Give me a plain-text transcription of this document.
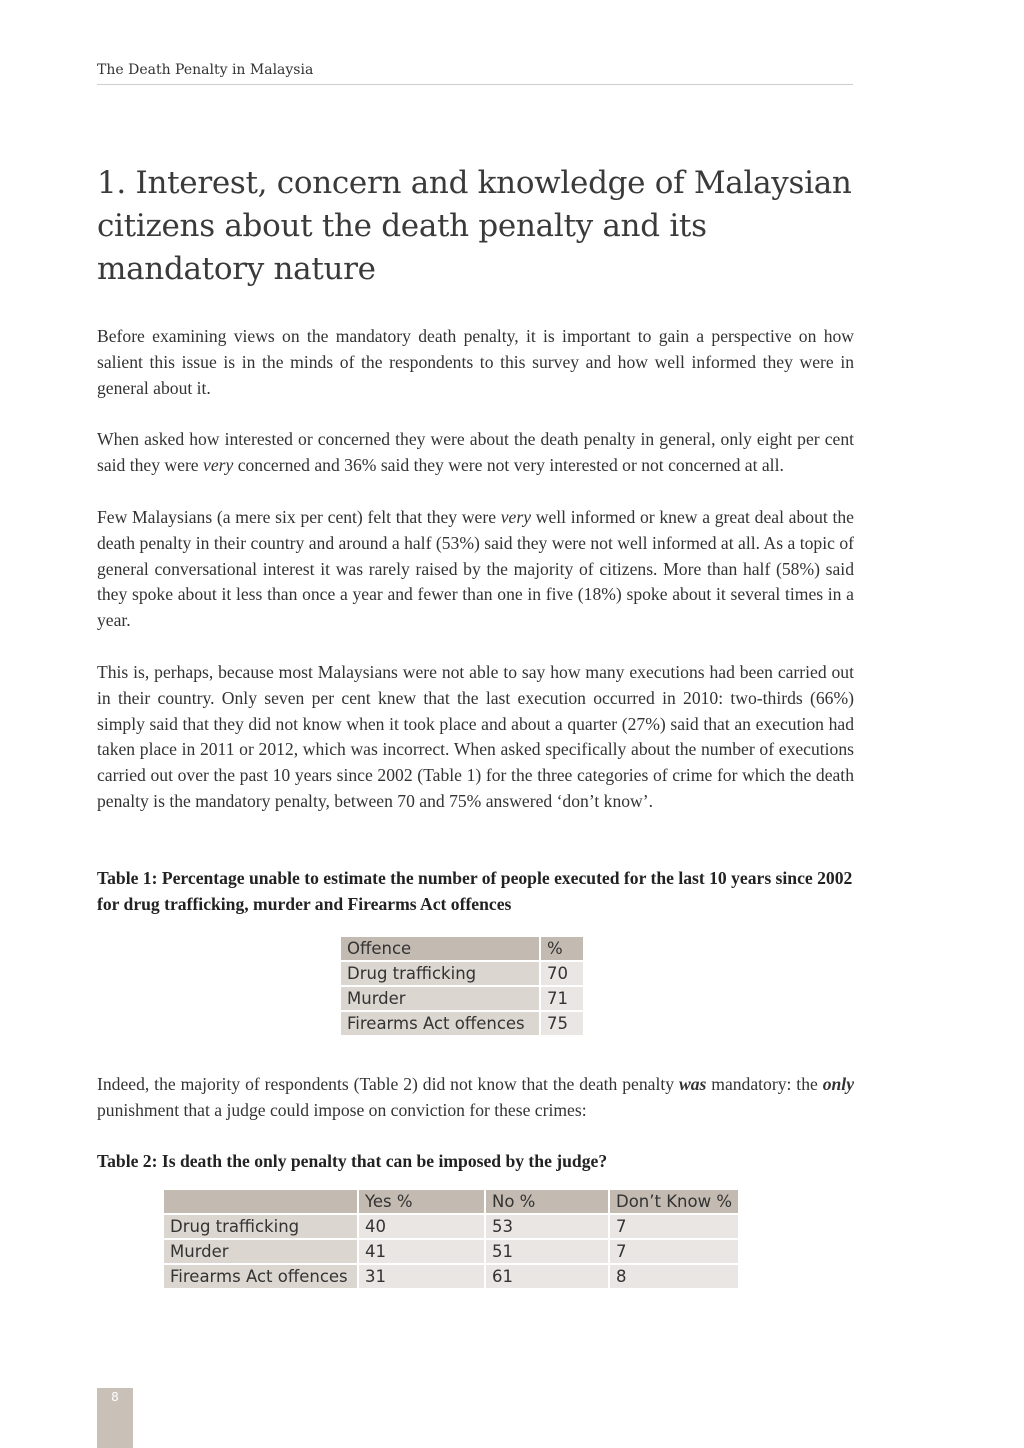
The Death Penalty in Malaysia
1. Interest, concern and knowledge of Malaysian citizens about the death penalty and its mandatory nature

Before examining views on the mandatory death penalty, it is important to gain a perspective on how salient this issue is in the minds of the respondents to this survey and how well informed they were in general about it.

When asked how interested or concerned they were about the death penalty in general, only eight per cent said they were very concerned and 36% said they were not very interested or not concerned at all.

Few Malaysians (a mere six per cent) felt that they were very well informed or knew a great deal about the death penalty in their country and around a half (53%) said they were not well informed at all. As a topic of general conversational interest it was rarely raised by the majority of citizens. More than half (58%) said they spoke about it less than once a year and fewer than one in five (18%) spoke about it several times in a year.

This is, perhaps, because most Malaysians were not able to say how many executions had been carried out in their country. Only seven per cent knew that the last execution occurred in 2010: two-thirds (66%) simply said that they did not know when it took place and about a quarter (27%) said that an execution had taken place in 2011 or 2012, which was incorrect. When asked specifically about the number of executions carried out over the past 10 years since 2002 (Table 1) for the three categories of crime for which the death penalty is the mandatory penalty, between 70 and 75% answered ‘don’t know’.

Table 1: Percentage unable to estimate the number of people executed for the last 10 years since 2002 for drug trafficking, murder and Firearms Act offences

Offence	%
Drug trafficking	70
Murder	71
Firearms Act offences	75

Indeed, the majority of respondents (Table 2) did not know that the death penalty was mandatory: the only punishment that a judge could impose on conviction for these crimes:

Table 2: Is death the only penalty that can be imposed by the judge?

	Yes %	No %	Don’t Know %
Drug trafficking	40	53	7
Murder	41	51	7
Firearms Act offences	31	61	8
8
